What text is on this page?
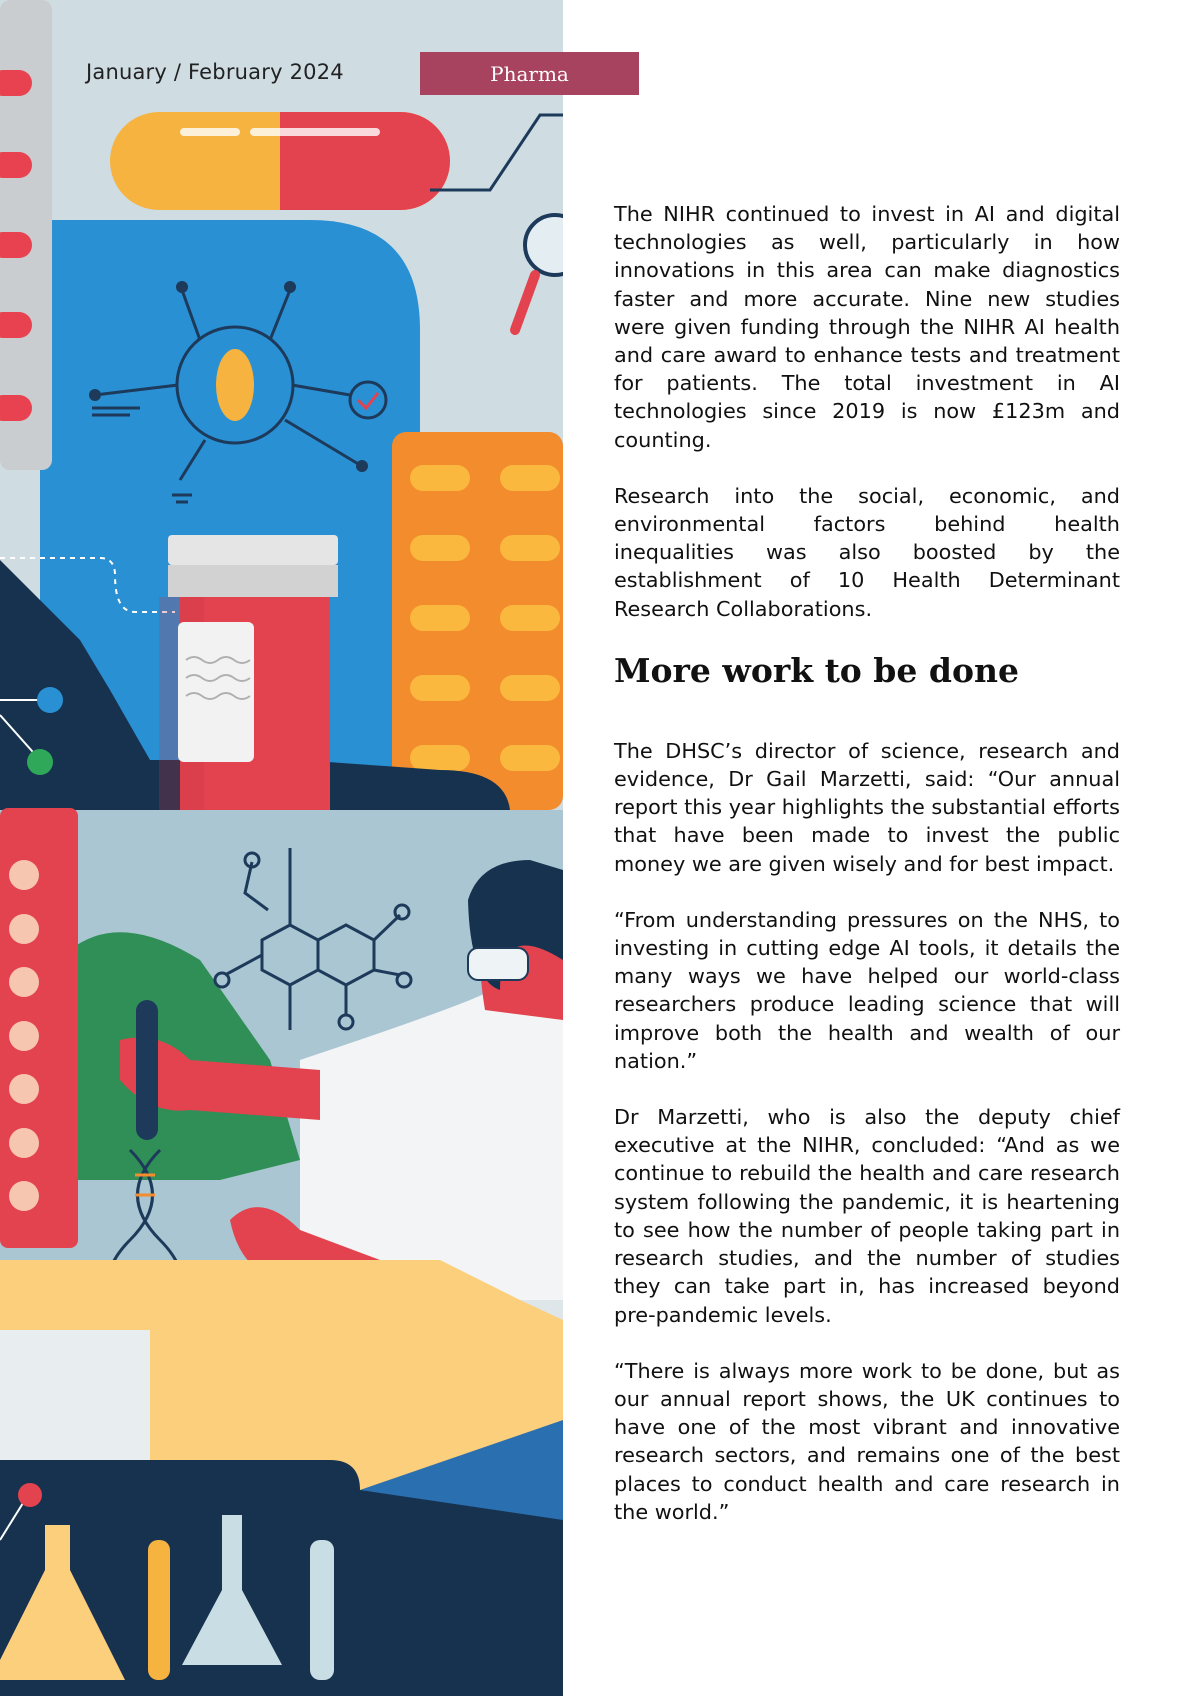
January / February 2024	Pharma

The NIHR continued to invest in AI and digital technologies as well, particularly in how innovations in this area can make diagnostics faster and more accurate. Nine new studies were given funding through the NIHR AI health and care award to enhance tests and treatment for patients. The total investment in AI technologies since 2019 is now £123m and counting.

Research into the social, economic, and environmental factors behind health inequalities was also boosted by the establishment of 10 Health Determinant Research Collaborations.

More work to be done

The DHSC’s director of science, research and evidence, Dr Gail Marzetti, said: “Our annual report this year highlights the substantial efforts that have been made to invest the public money we are given wisely and for best impact.

“From understanding pressures on the NHS, to investing in cutting edge AI tools, it details the many ways we have helped our world-class researchers produce leading science that will improve both the health and wealth of our nation.”

Dr Marzetti, who is also the deputy chief executive at the NIHR, concluded: “And as we continue to rebuild the health and care research system following the pandemic, it is heartening to see how the number of people taking part in research studies, and the number of studies they can take part in, has increased beyond pre-pandemic levels.

“There is always more work to be done, but as our annual report shows, the UK continues to have one of the most vibrant and innovative research sectors, and remains one of the best places to conduct health and care research in the world.”
